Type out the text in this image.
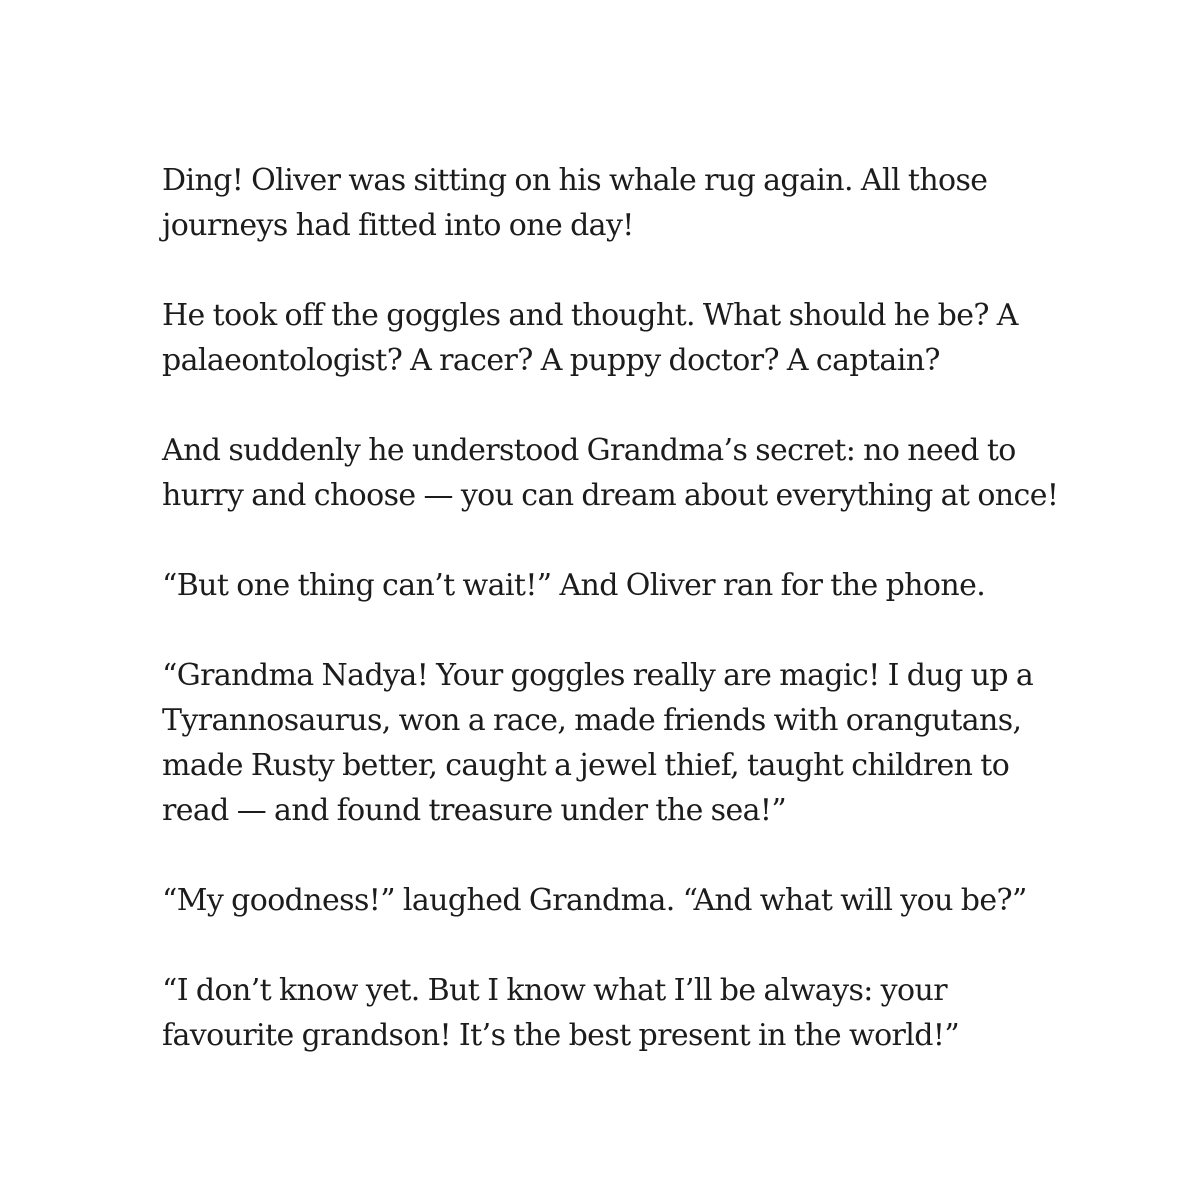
Ding! Oliver was sitting on his whale rug again. All those
journeys had fitted into one day!

He took off the goggles and thought. What should he be? A
palaeontologist? A racer? A puppy doctor? A captain?

And suddenly he understood Grandma’s secret: no need to
hurry and choose — you can dream about everything at once!

“But one thing can’t wait!” And Oliver ran for the phone.

“Grandma Nadya! Your goggles really are magic! I dug up a
Tyrannosaurus, won a race, made friends with orangutans,
made Rusty better, caught a jewel thief, taught children to
read — and found treasure under the sea!”

“My goodness!” laughed Grandma. “And what will you be?”

“I don’t know yet. But I know what I’ll be always: your
favourite grandson! It’s the best present in the world!”
